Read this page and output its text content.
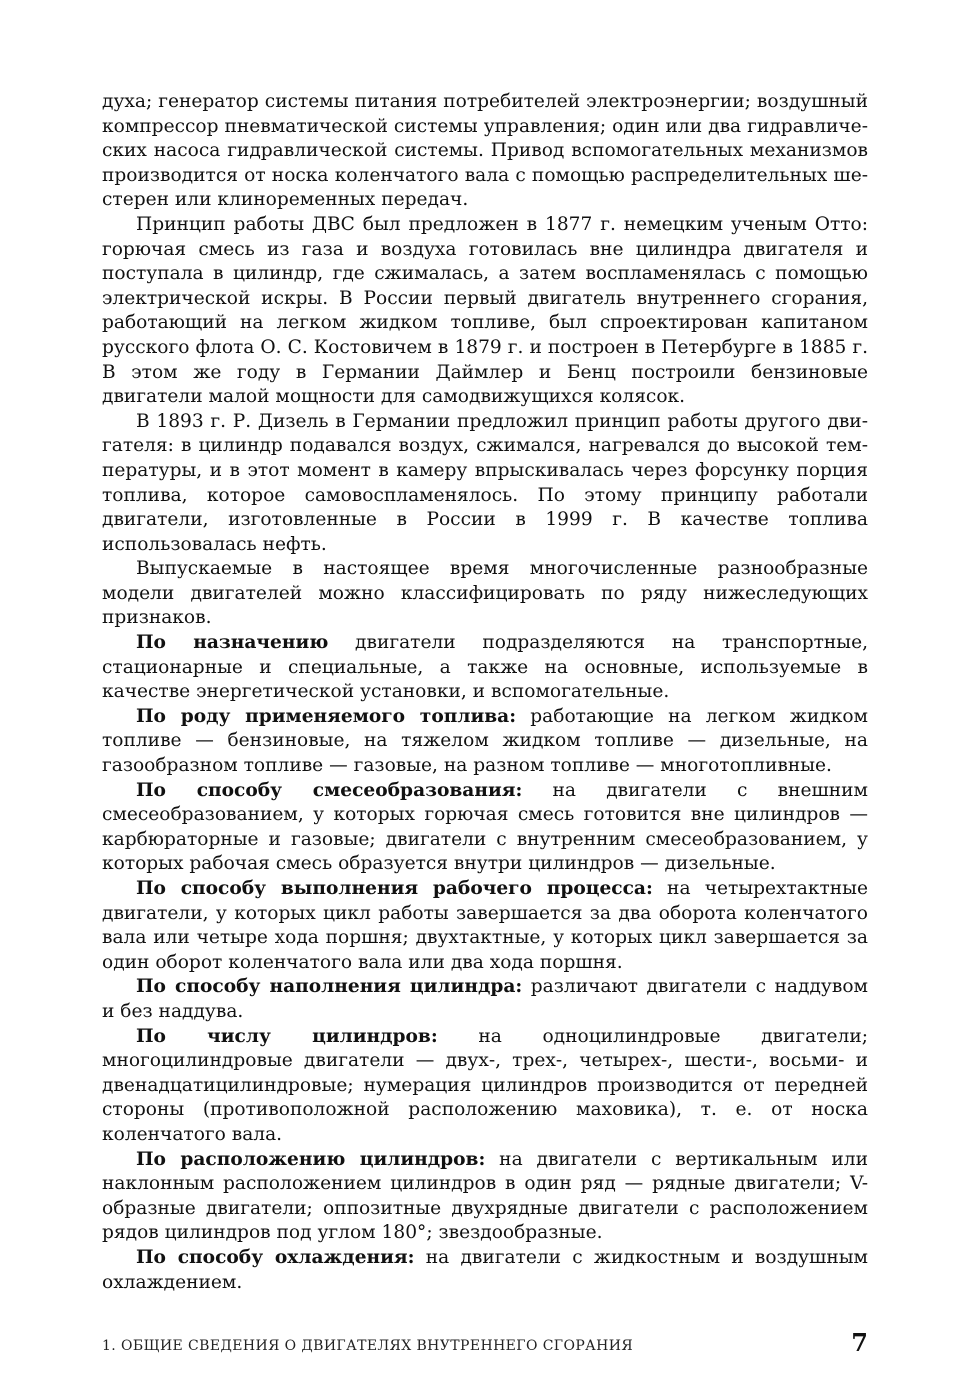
духа; генератор системы питания потребителей электроэнергии; воздушный компрессор пневматической системы управления; один или два гидравлических насоса гидравлической системы. Привод вспомогательных механизмов производится от носка коленчатого вала с помощью распределительных шестерен или клиноременных передач.

Принцип работы ДВС был предложен в 1877 г. немецким ученым Отто: горючая смесь из газа и воздуха готовилась вне цилиндра двигателя и поступала в цилиндр, где сжималась, а затем воспламенялась с помощью электрической искры. В России первый двигатель внутреннего сгорания, работающий на легком жидком топливе, был спроектирован капитаном русского флота О. С. Костовичем в 1879 г. и построен в Петербурге в 1885 г. В этом же году в Германии Даймлер и Бенц построили бензиновые двигатели малой мощности для самодвижущихся колясок.

В 1893 г. Р. Дизель в Германии предложил принцип работы другого двигателя: в цилиндр подавался воздух, сжимался, нагревался до высокой температуры, и в этот момент в камеру впрыскивалась через форсунку порция топлива, которое самовоспламенялось. По этому принципу работали двигатели, изготовленные в России в 1999 г. В качестве топлива использовалась нефть.

Выпускаемые в настоящее время многочисленные разнообразные модели двигателей можно классифицировать по ряду нижеследующих признаков.

По назначению двигатели подразделяются на транспортные, стационарные и специальные, а также на основные, используемые в качестве энергетической установки, и вспомогательные.

По роду применяемого топлива: работающие на легком жидком топливе — бензиновые, на тяжелом жидком топливе — дизельные, на газообразном топливе — газовые, на разном топливе — многотопливные.

По способу смесеобразования: на двигатели с внешним смесеобразованием, у которых горючая смесь готовится вне цилиндров — карбюраторные и газовые; двигатели с внутренним смесеобразованием, у которых рабочая смесь образуется внутри цилиндров — дизельные.

По способу выполнения рабочего процесса: на четырехтактные двигатели, у которых цикл работы завершается за два оборота коленчатого вала или четыре хода поршня; двухтактные, у которых цикл завершается за один оборот коленчатого вала или два хода поршня.

По способу наполнения цилиндра: различают двигатели с наддувом и без наддува.

По числу цилиндров: на одноцилиндровые двигатели; многоцилиндровые двигатели — двух-, трех-, четырех-, шести-, восьми- и двенадцатицилиндровые; нумерация цилиндров производится от передней стороны (противоположной расположению маховика), т. е. от носка коленчатого вала.

По расположению цилиндров: на двигатели с вертикальным или наклонным расположением цилиндров в один ряд — рядные двигатели; V-образные двигатели; оппозитные двухрядные двигатели с расположением рядов цилиндров под углом 180°; звездообразные.

По способу охлаждения: на двигатели с жидкостным и воздушным охлаждением.

1. ОБЩИЕ СВЕДЕНИЯ О ДВИГАТЕЛЯХ ВНУТРЕННЕГО СГОРАНИЯ	7
